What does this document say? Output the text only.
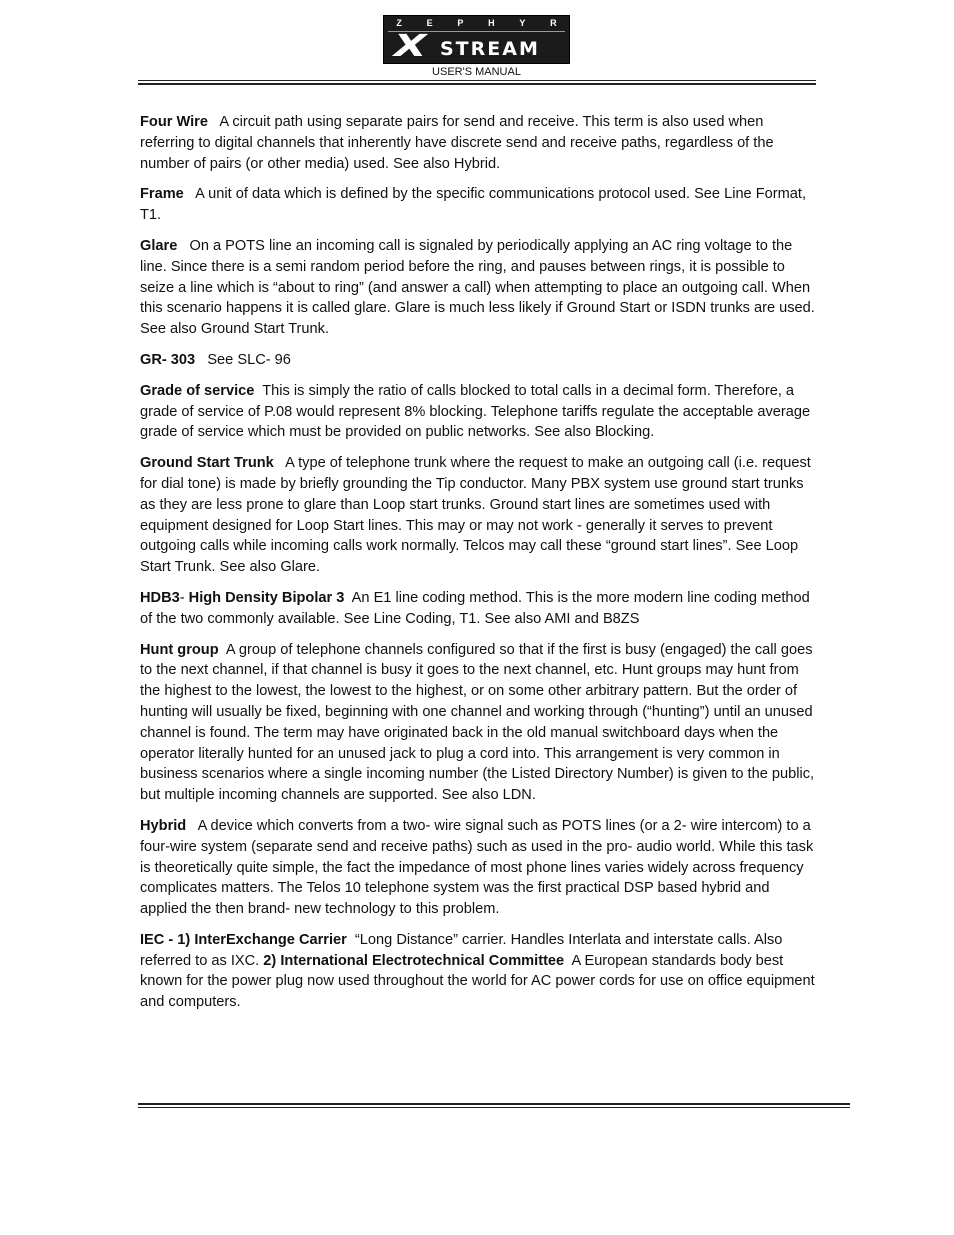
Z	E	P	H	Y	R
X STREAM
USER'S MANUAL

Four Wire   A circuit path using separate pairs for send and receive. This term is also used when referring to digital channels that inherently have discrete send and receive paths, regardless of the number of pairs (or other media) used. See also Hybrid.

Frame   A unit of data which is defined by the specific communications protocol used. See Line Format, T1.

Glare   On a POTS line an incoming call is signaled by periodically applying an AC ring voltage to the line. Since there is a semi random period before the ring, and pauses between rings, it is possible to seize a line which is “about to ring” (and answer a call) when attempting to place an outgoing call. When this scenario happens it is called glare. Glare is much less likely if Ground Start or ISDN trunks are used. See also Ground Start Trunk.

GR- 303   See SLC- 96

Grade of service  This is simply the ratio of calls blocked to total calls in a decimal form. Therefore, a grade of service of P.08 would represent 8% blocking. Telephone tariffs regulate the acceptable average grade of service which must be provided on public networks. See also Blocking.

Ground Start Trunk   A type of telephone trunk where the request to make an outgoing call (i.e. request for dial tone) is made by briefly grounding the Tip conductor. Many PBX system use ground start trunks as they are less prone to glare than Loop start trunks. Ground start lines are sometimes used with equipment designed for Loop Start lines. This may or may not work - generally it serves to prevent outgoing calls while incoming calls work normally. Telcos may call these “ground start lines”. See Loop Start Trunk. See also Glare.

HDB3- High Density Bipolar 3  An E1 line coding method. This is the more modern line coding method of the two commonly available. See Line Coding, T1. See also AMI and B8ZS

Hunt group  A group of telephone channels configured so that if the first is busy (engaged) the call goes to the next channel, if that channel is busy it goes to the next channel, etc. Hunt groups may hunt from the highest to the lowest, the lowest to the highest, or on some other arbitrary pattern. But the order of hunting will usually be fixed, beginning with one channel and working through (“hunting”) until an unused channel is found. The term may have originated back in the old manual switchboard days when the operator literally hunted for an unused jack to plug a cord into. This arrangement is very common in business scenarios where a single incoming number (the Listed Directory Number) is given to the public, but multiple incoming channels are supported. See also LDN.

Hybrid   A device which converts from a two- wire signal such as POTS lines (or a 2- wire intercom) to a four-wire system (separate send and receive paths) such as used in the pro- audio world. While this task is theoretically quite simple, the fact the impedance of most phone lines varies widely across frequency complicates matters. The Telos 10 telephone system was the first practical DSP based hybrid and applied the then brand- new technology to this problem.

IEC - 1) InterExchange Carrier  “Long Distance” carrier. Handles Interlata and interstate calls. Also referred to as IXC. 2) International Electrotechnical Committee  A European standards body best known for the power plug now used throughout the world for AC power cords for use on office equipment and computers.
